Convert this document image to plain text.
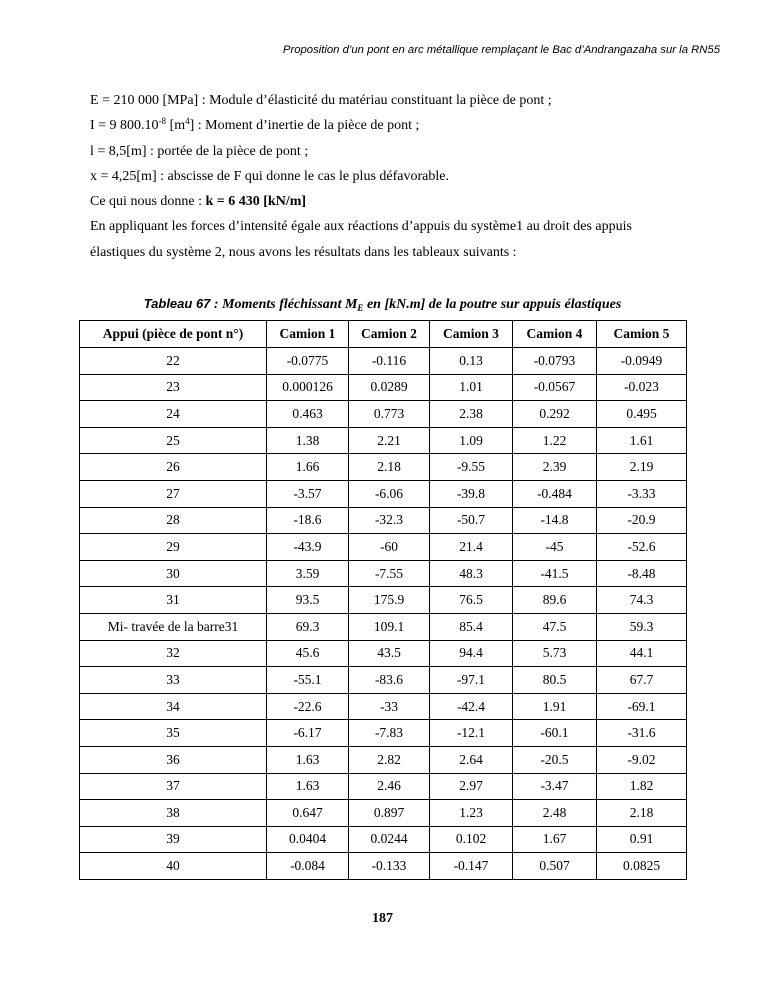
Proposition d’un pont en arc métallique remplaçant le Bac d’Andrangazaha sur la RN55

E = 210 000 [MPa] : Module d’élasticité du matériau constituant la pièce de pont ;

I = 9 $800.10^{-8}$ $[m^4]$ : Moment d’inertie de la pièce de pont ;

l = 8,5[m] : portée de la pièce de pont ;

x = 4,25[m] : abscisse de F qui donne le cas le plus défavorable.

Ce qui nous donne : k = 6 430 [kN/m]

En appliquant les forces d’intensité égale aux réactions d’appuis du système1 au droit des appuis

élastiques du système 2, nous avons les résultats dans les tableaux suivants :

Tableau 67 : Moments fléchissant $M_E$ en [kN.m] de la poutre sur appuis élastiques
Appui (pièce de pont n°)	Camion 1	Camion 2	Camion 3	Camion 4	Camion 5
22	-0.0775	-0.116	0.13	-0.0793	-0.0949
23	0.000126	0.0289	1.01	-0.0567	-0.023
24	0.463	0.773	2.38	0.292	0.495
25	1.38	2.21	1.09	1.22	1.61
26	1.66	2.18	-9.55	2.39	2.19
27	-3.57	-6.06	-39.8	-0.484	-3.33
28	-18.6	-32.3	-50.7	-14.8	-20.9
29	-43.9	-60	21.4	-45	-52.6
30	3.59	-7.55	48.3	-41.5	-8.48
31	93.5	175.9	76.5	89.6	74.3
Mi- travée de la barre31	69.3	109.1	85.4	47.5	59.3
32	45.6	43.5	94.4	5.73	44.1
33	-55.1	-83.6	-97.1	80.5	67.7
34	-22.6	-33	-42.4	1.91	-69.1
35	-6.17	-7.83	-12.1	-60.1	-31.6
36	1.63	2.82	2.64	-20.5	-9.02
37	1.63	2.46	2.97	-3.47	1.82
38	0.647	0.897	1.23	2.48	2.18
39	0.0404	0.0244	0.102	1.67	0.91
40	-0.084	-0.133	-0.147	0.507	0.0825
187
